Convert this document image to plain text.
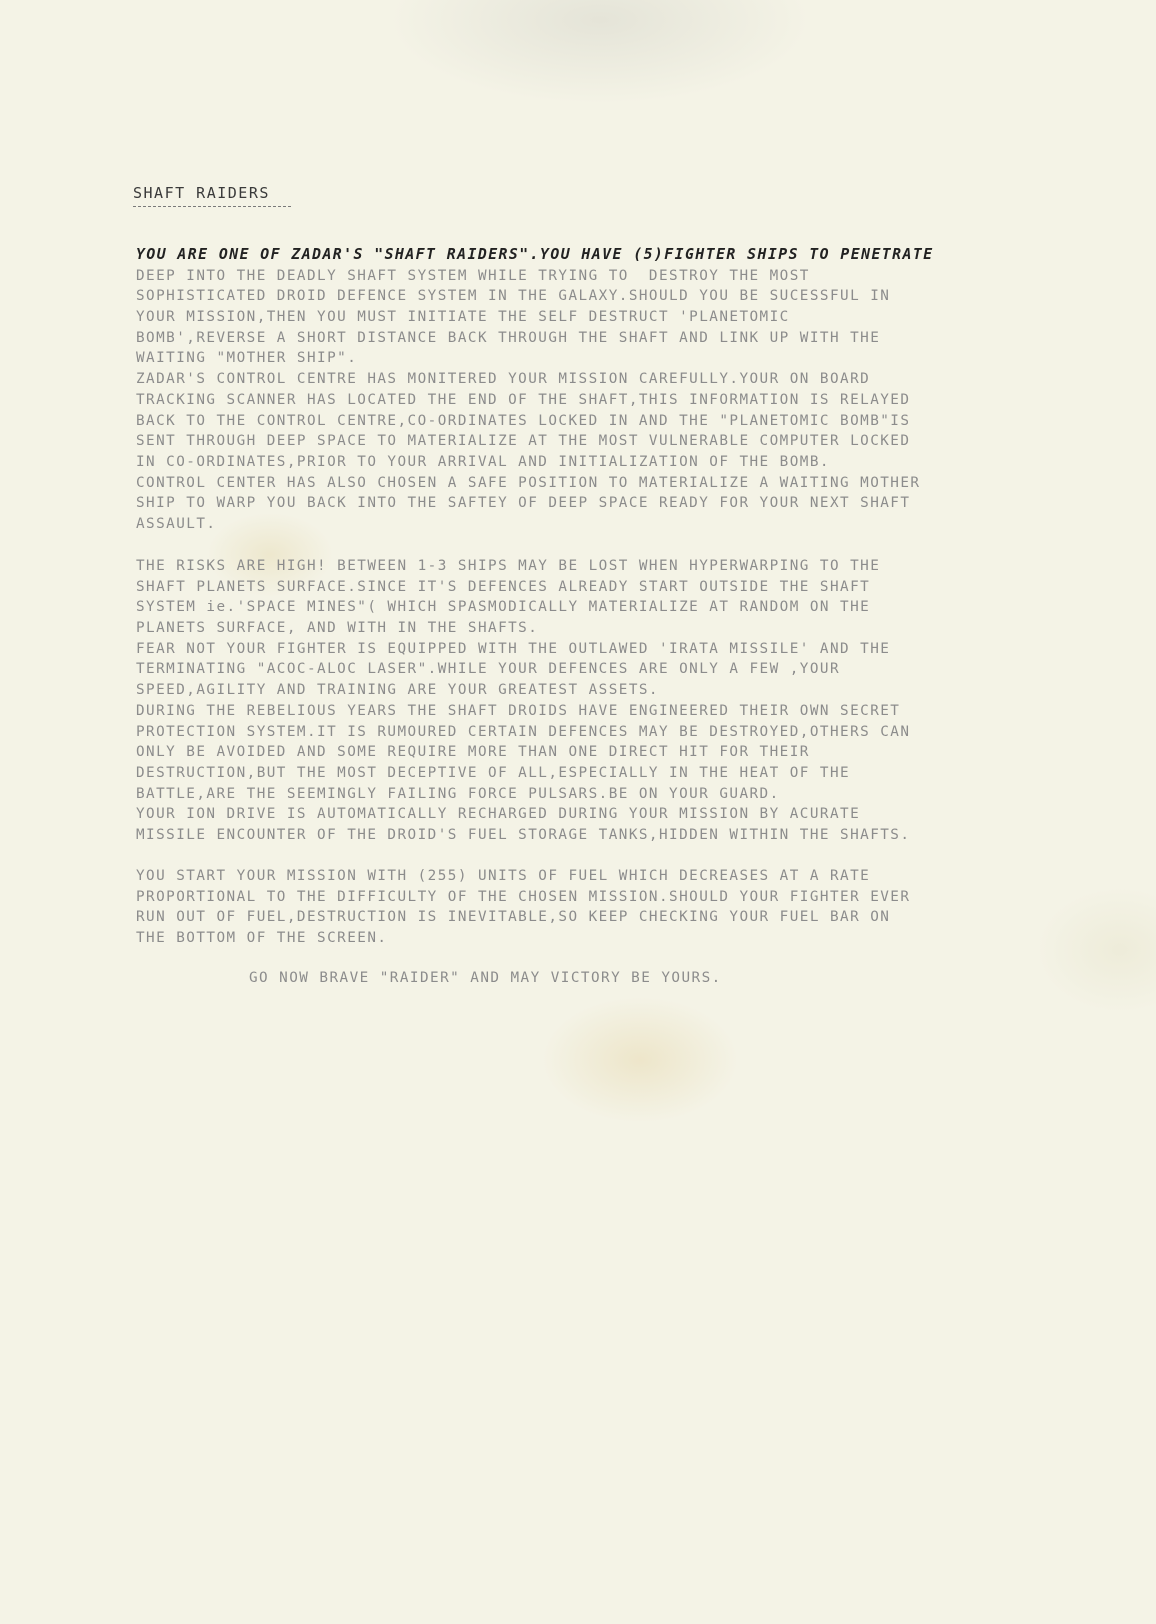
SHAFT RAIDERS
YOU ARE ONE OF ZADAR'S "SHAFT RAIDERS".YOU HAVE (5)FIGHTER SHIPS TO PENETRATE
DEEP INTO THE DEADLY SHAFT SYSTEM WHILE TRYING TO  DESTROY THE MOST
SOPHISTICATED DROID DEFENCE SYSTEM IN THE GALAXY.SHOULD YOU BE SUCESSFUL IN
YOUR MISSION,THEN YOU MUST INITIATE THE SELF DESTRUCT 'PLANETOMIC
BOMB',REVERSE A SHORT DISTANCE BACK THROUGH THE SHAFT AND LINK UP WITH THE
WAITING "MOTHER SHIP".
ZADAR'S CONTROL CENTRE HAS MONITERED YOUR MISSION CAREFULLY.YOUR ON BOARD
TRACKING SCANNER HAS LOCATED THE END OF THE SHAFT,THIS INFORMATION IS RELAYED
BACK TO THE CONTROL CENTRE,CO-ORDINATES LOCKED IN AND THE "PLANETOMIC BOMB"IS
SENT THROUGH DEEP SPACE TO MATERIALIZE AT THE MOST VULNERABLE COMPUTER LOCKED
IN CO-ORDINATES,PRIOR TO YOUR ARRIVAL AND INITIALIZATION OF THE BOMB.
CONTROL CENTER HAS ALSO CHOSEN A SAFE POSITION TO MATERIALIZE A WAITING MOTHER
SHIP TO WARP YOU BACK INTO THE SAFTEY OF DEEP SPACE READY FOR YOUR NEXT SHAFT
ASSAULT.
THE RISKS ARE HIGH! BETWEEN 1-3 SHIPS MAY BE LOST WHEN HYPERWARPING TO THE
SHAFT PLANETS SURFACE.SINCE IT'S DEFENCES ALREADY START OUTSIDE THE SHAFT
SYSTEM ie.'SPACE MINES"( WHICH SPASMODICALLY MATERIALIZE AT RANDOM ON THE
PLANETS SURFACE, AND WITH IN THE SHAFTS.
FEAR NOT YOUR FIGHTER IS EQUIPPED WITH THE OUTLAWED 'IRATA MISSILE' AND THE
TERMINATING "ACOC-ALOC LASER".WHILE YOUR DEFENCES ARE ONLY A FEW ,YOUR
SPEED,AGILITY AND TRAINING ARE YOUR GREATEST ASSETS.
DURING THE REBELIOUS YEARS THE SHAFT DROIDS HAVE ENGINEERED THEIR OWN SECRET
PROTECTION SYSTEM.IT IS RUMOURED CERTAIN DEFENCES MAY BE DESTROYED,OTHERS CAN
ONLY BE AVOIDED AND SOME REQUIRE MORE THAN ONE DIRECT HIT FOR THEIR
DESTRUCTION,BUT THE MOST DECEPTIVE OF ALL,ESPECIALLY IN THE HEAT OF THE
BATTLE,ARE THE SEEMINGLY FAILING FORCE PULSARS.BE ON YOUR GUARD.
YOUR ION DRIVE IS AUTOMATICALLY RECHARGED DURING YOUR MISSION BY ACURATE
MISSILE ENCOUNTER OF THE DROID'S FUEL STORAGE TANKS,HIDDEN WITHIN THE SHAFTS.
YOU START YOUR MISSION WITH (255) UNITS OF FUEL WHICH DECREASES AT A RATE
PROPORTIONAL TO THE DIFFICULTY OF THE CHOSEN MISSION.SHOULD YOUR FIGHTER EVER
RUN OUT OF FUEL,DESTRUCTION IS INEVITABLE,SO KEEP CHECKING YOUR FUEL BAR ON
THE BOTTOM OF THE SCREEN.
GO NOW BRAVE "RAIDER" AND MAY VICTORY BE YOURS.
